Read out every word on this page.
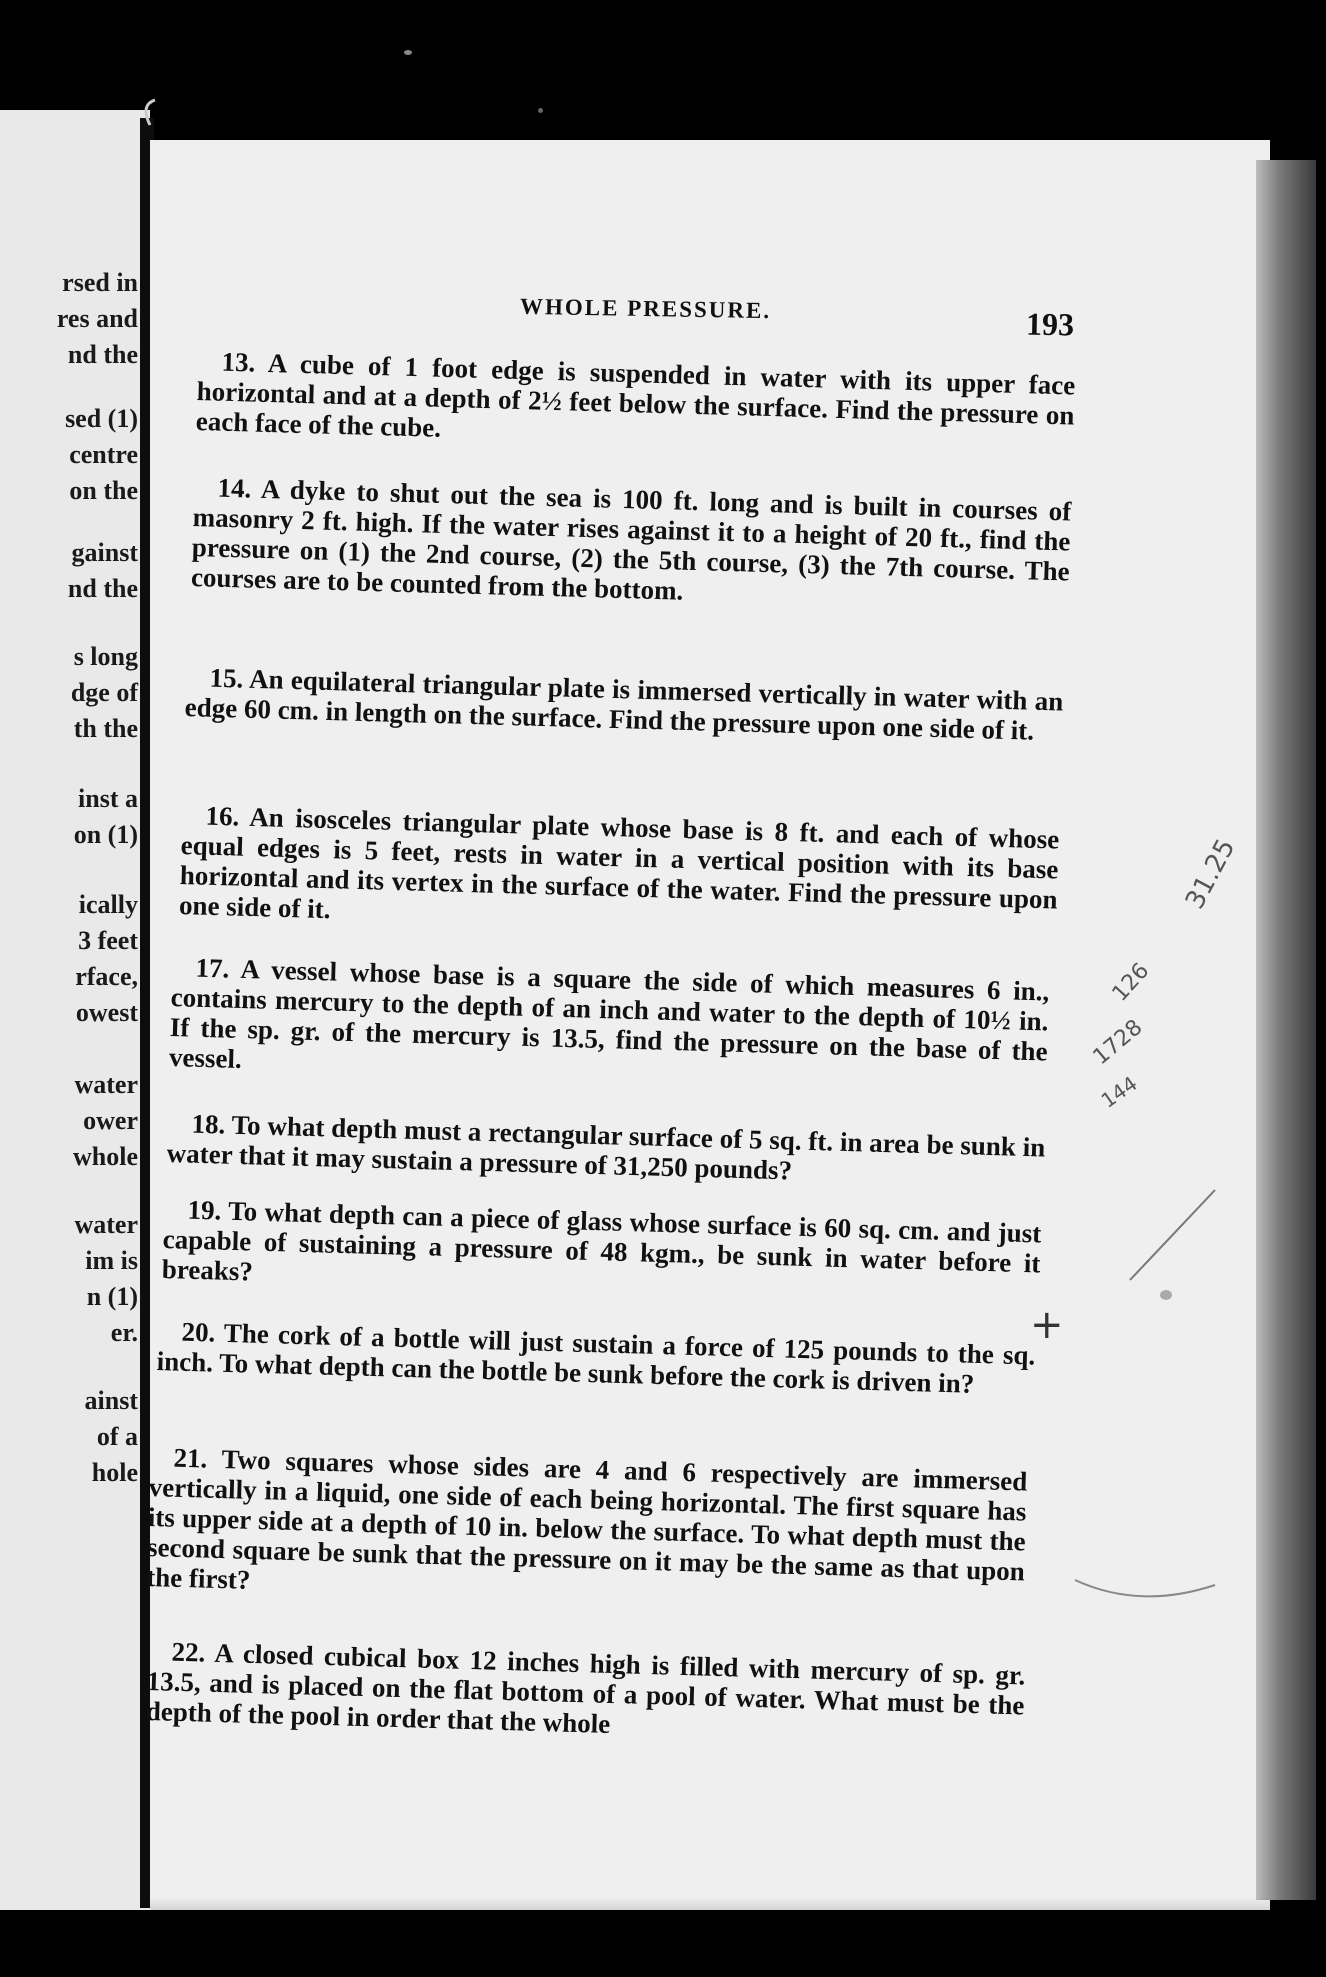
rsed in
res and
nd the
sed (1)
centre
on the
gainst
nd the
s long
dge of
th the
inst a
on (1)
ically
3 feet
rface,
owest
water
ower
whole
water
im is
n (1)
er.
ainst
of a
hole
WHOLE PRESSURE.	193
13. A cube of 1 foot edge is suspended in water with its upper face horizontal and at a depth of 2½ feet below the surface. Find the pressure on each face of the cube.
14. A dyke to shut out the sea is 100 ft. long and is built in courses of masonry 2 ft. high. If the water rises against it to a height of 20 ft., find the pressure on (1) the 2nd course, (2) the 5th course, (3) the 7th course. The courses are to be counted from the bottom.
15. An equilateral triangular plate is immersed vertically in water with an edge 60 cm. in length on the surface. Find the pressure upon one side of it.
16. An isosceles triangular plate whose base is 8 ft. and each of whose equal edges is 5 feet, rests in water in a vertical position with its base horizontal and its vertex in the surface of the water. Find the pressure upon one side of it.
17. A vessel whose base is a square the side of which measures 6 in., contains mercury to the depth of an inch and water to the depth of 10½ in. If the sp. gr. of the mercury is 13.5, find the pressure on the base of the vessel.
18. To what depth must a rectangular surface of 5 sq. ft. in area be sunk in water that it may sustain a pressure of 31,250 pounds?
19. To what depth can a piece of glass whose surface is 60 sq. cm. and just capable of sustaining a pressure of 48 kgm., be sunk in water before it breaks?
20. The cork of a bottle will just sustain a force of 125 pounds to the sq. inch. To what depth can the bottle be sunk before the cork is driven in?
21. Two squares whose sides are 4 and 6 respectively are immersed vertically in a liquid, one side of each being horizontal. The first square has its upper side at a depth of 10 in. below the surface. To what depth must the second square be sunk that the pressure on it may be the same as that upon the first?
22. A closed cubical box 12 inches high is filled with mercury of sp. gr. 13.5, and is placed on the flat bottom of a pool of water. What must be the depth of the pool in order that the whole
31.25
126
1728
144
+
